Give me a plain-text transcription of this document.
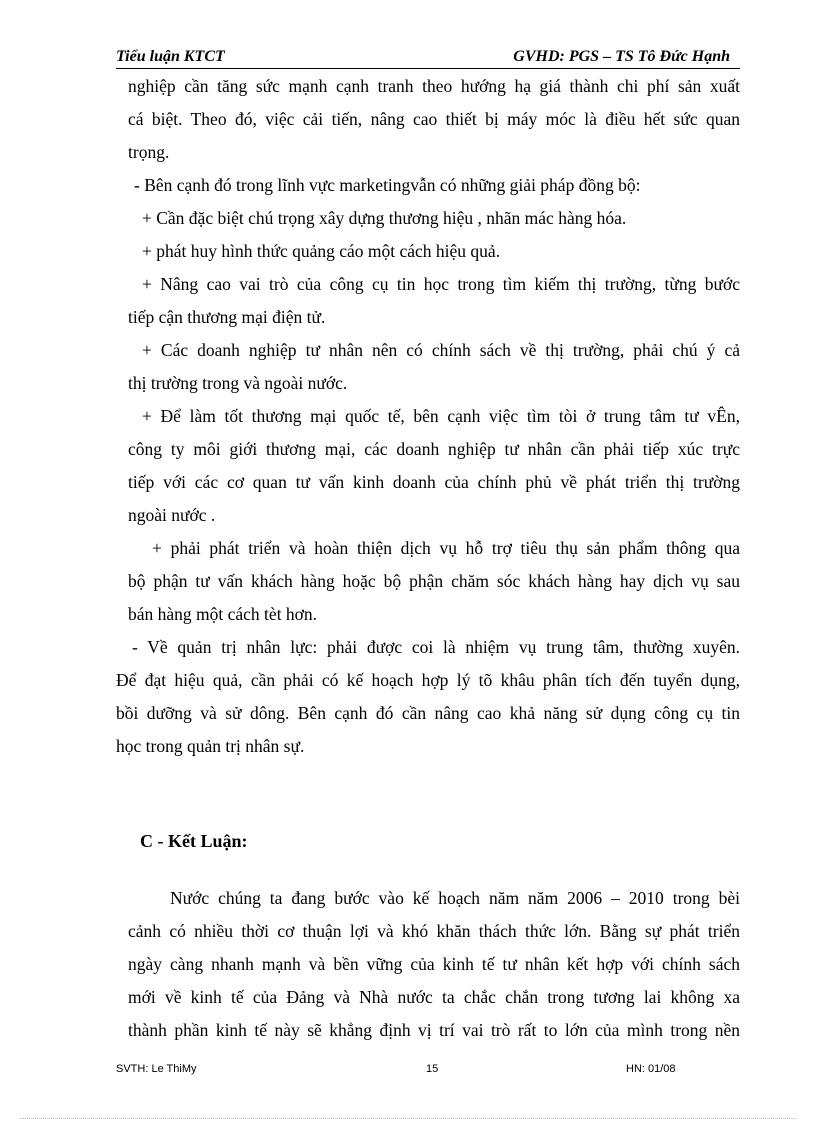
Tiểu luận KTCT	GVHD: PGS – TS Tô Đức Hạnh
nghiệp cần tăng sức mạnh cạnh tranh theo hướng hạ giá thành chi phí sản xuất
cá biệt. Theo đó, việc cải tiến, nâng cao thiết bị máy móc là điều hết sức quan
trọng.
- Bên cạnh đó trong lĩnh vực marketingvẫn có những giải pháp đồng bộ:
+ Cần đặc biệt chú trọng xây dựng thương hiệu , nhãn mác hàng hóa.
+ phát huy hình thức quảng cáo một cách hiệu quả.
+ Nâng cao vai trò của công cụ tin học trong tìm kiếm thị trường, từng bước
tiếp cận thương mại điện tử.
+ Các doanh nghiệp tư nhân nên có chính sách về thị trường, phải chú ý cả
thị trường trong và ngoài nước.
+ Để làm tốt thương mại quốc tế, bên cạnh việc tìm tòi ở trung tâm tư vÊn,
công ty môi giới thương mại, các doanh nghiệp tư nhân cần phải tiếp xúc trực
tiếp với các cơ quan tư vấn kinh doanh của chính phủ về phát triển thị trường
ngoài nước .
+ phải phát triển và hoàn thiện dịch vụ hỗ trợ tiêu thụ sản phẩm thông qua
bộ phận tư vấn khách hàng hoặc bộ phận chăm sóc khách hàng hay dịch vụ sau
bán hàng một cách tèt hơn.
- Về quản trị nhân lực: phải được coi là nhiệm vụ trung tâm, thường xuyên.
Để đạt hiệu quả, cần phải có kế hoạch hợp lý tõ khâu phân tích đến tuyển dụng,
bồi dưỡng và sử dông. Bên cạnh đó cần nâng cao khả năng sử dụng công cụ tin
học trong quản trị nhân sự.
C - Kết Luận:
Nước chúng ta đang bước vào kế hoạch năm năm 2006 – 2010 trong bèi
cảnh có nhiều thời cơ thuận lợi và khó khăn thách thức lớn. Bằng sự phát triển
ngày càng nhanh mạnh và bền vững của kinh tế tư nhân kết hợp với chính sách
mới về kinh tế của Đảng và Nhà nước ta chắc chắn trong tương lai không xa
thành phần kinh tế này sẽ khẳng định vị trí vai trò rất to lớn của mình trong nền
SVTH: Le ThiMy	15	HN: 01/08
